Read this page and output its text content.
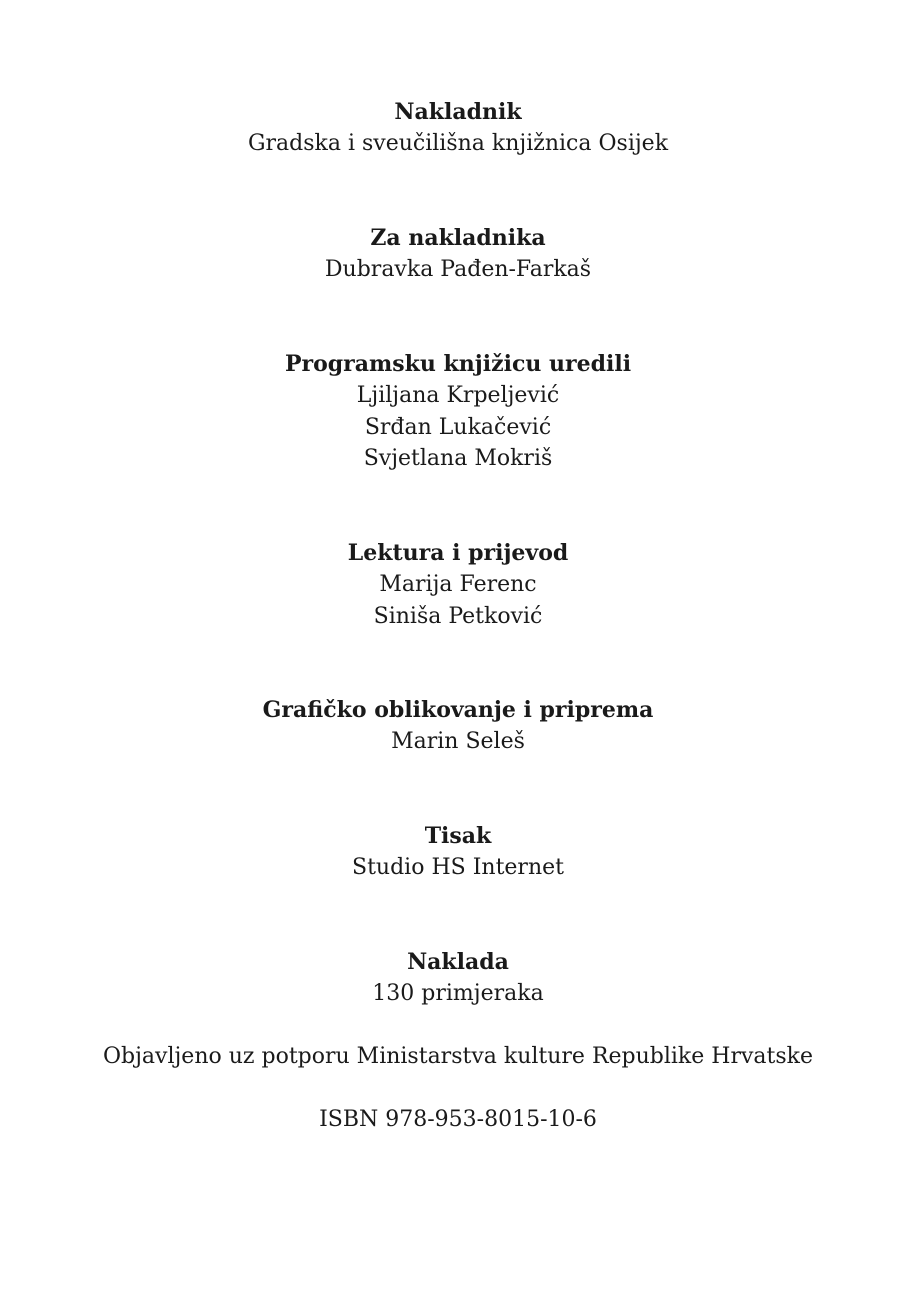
Nakladnik

Gradska i sveučilišna knjižnica Osijek

Za nakladnika

Dubravka Pađen-Farkaš

Programsku knjižicu uredili

Ljiljana Krpeljević

Srđan Lukačević

Svjetlana Mokriš

Lektura i prijevod

Marija Ferenc

Siniša Petković

Grafičko oblikovanje i priprema

Marin Seleš

Tisak

Studio HS Internet

Naklada

130 primjeraka

Objavljeno uz potporu Ministarstva kulture Republike Hrvatske

ISBN 978-953-8015-10-6
